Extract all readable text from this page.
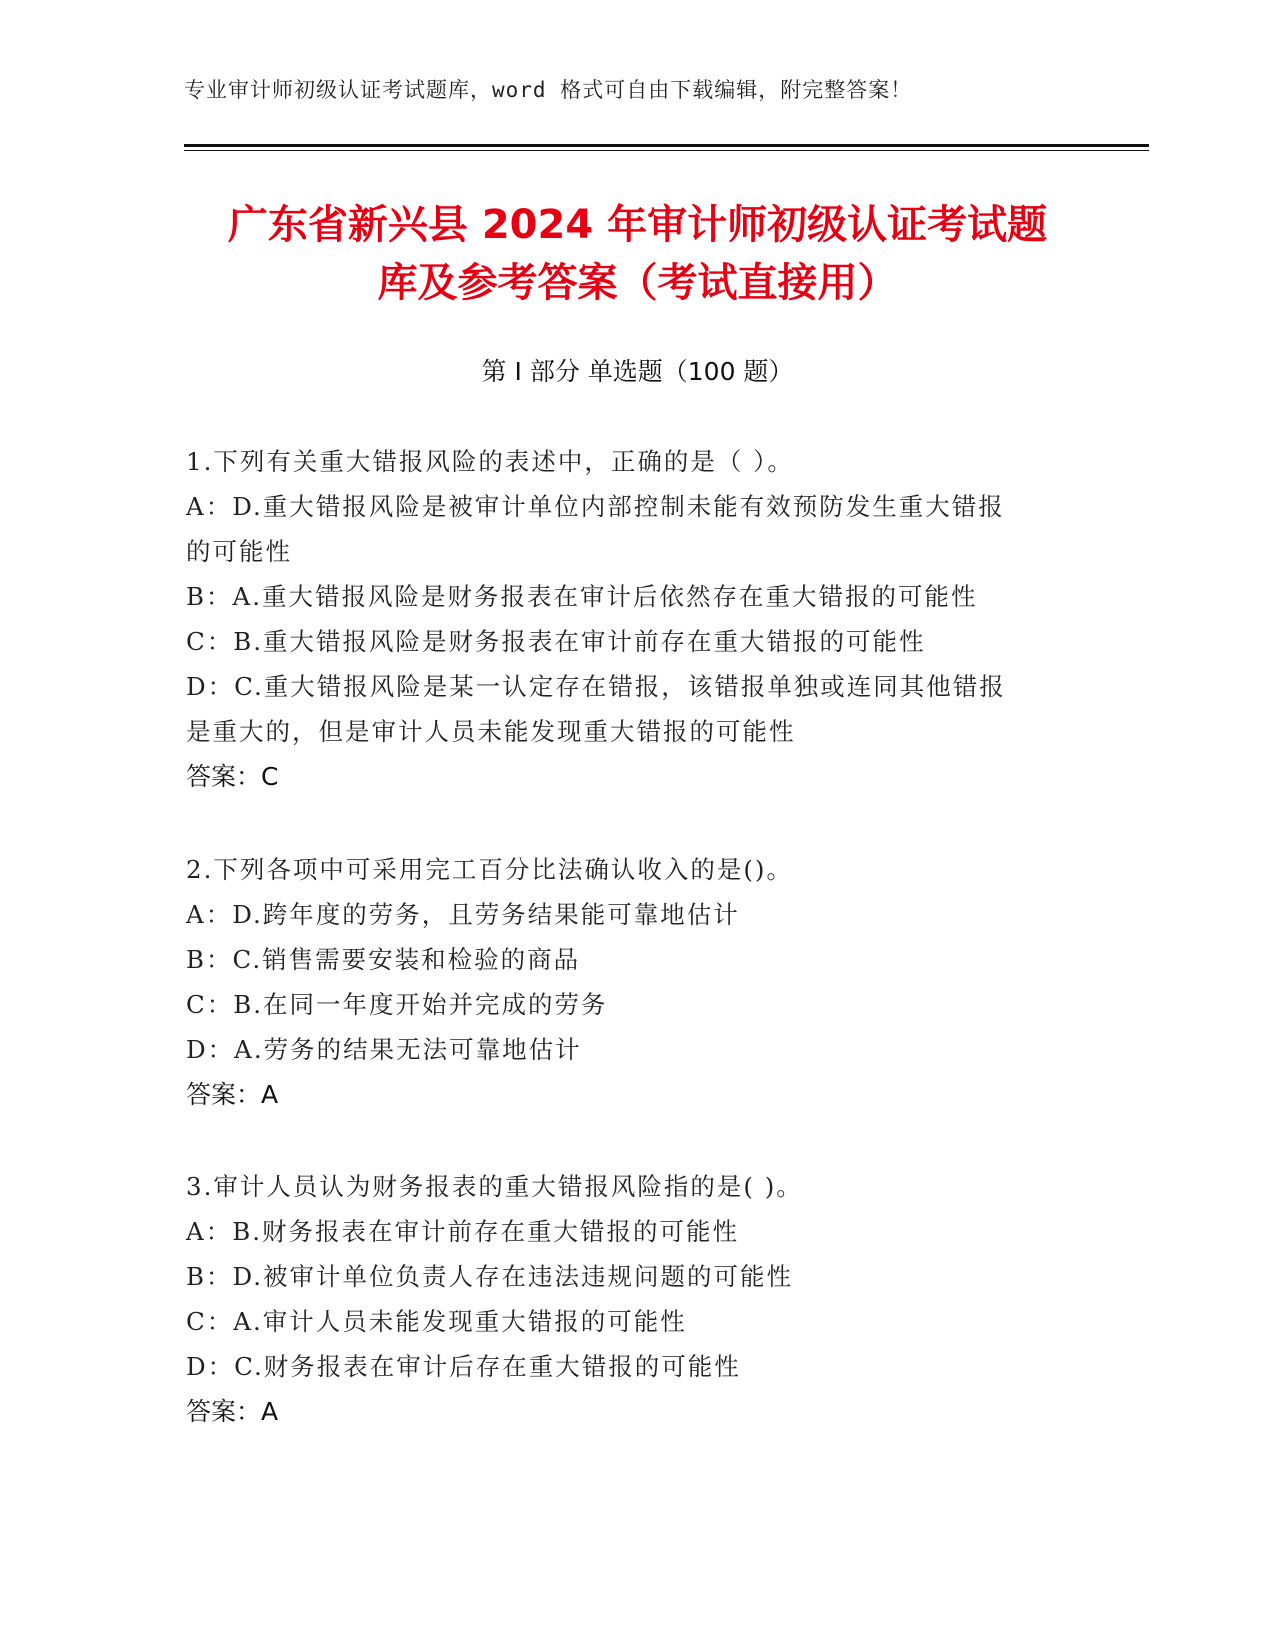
专业审计师初级认证考试题库，word 格式可自由下载编辑，附完整答案！
广东省新兴县 2024 年审计师初级认证考试题
库及参考答案（考试直接用）
第 I 部分 单选题（100 题）
1.下列有关重大错报风险的表述中，正确的是（ ）。
A：D.重大错报风险是被审计单位内部控制未能有效预防发生重大错报
的可能性
B：A.重大错报风险是财务报表在审计后依然存在重大错报的可能性
C：B.重大错报风险是财务报表在审计前存在重大错报的可能性
D：C.重大错报风险是某一认定存在错报，该错报单独或连同其他错报
是重大的，但是审计人员未能发现重大错报的可能性
答案：C
2.下列各项中可采用完工百分比法确认收入的是()。
A：D.跨年度的劳务，且劳务结果能可靠地估计
B：C.销售需要安装和检验的商品
C：B.在同一年度开始并完成的劳务
D：A.劳务的结果无法可靠地估计
答案：A
3.审计人员认为财务报表的重大错报风险指的是( )。
A：B.财务报表在审计前存在重大错报的可能性
B：D.被审计单位负责人存在违法违规问题的可能性
C：A.审计人员未能发现重大错报的可能性
D：C.财务报表在审计后存在重大错报的可能性
答案：A
